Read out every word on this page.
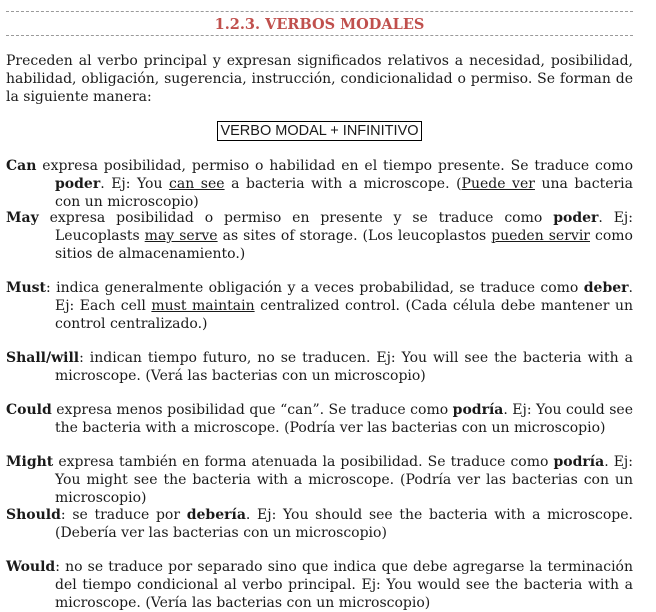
1.2.3. VERBOS MODALES
Preceden al verbo principal y expresan significados relativos a necesidad, posibilidad, habilidad, obligación, sugerencia, instrucción, condicionalidad o permiso. Se forman de la siguiente manera:
VERBO MODAL + INFINITIVO
Can expresa posibilidad, permiso o habilidad en el tiempo presente. Se traduce como poder. Ej: You can see a bacteria with a microscope. (Puede ver una bacteria con un microscopio)
May expresa posibilidad o permiso en presente y se traduce como poder. Ej: Leucoplasts may serve as sites of storage. (Los leucoplastos pueden servir como sitios de almacenamiento.)
Must: indica generalmente obligación y a veces probabilidad, se traduce como deber. Ej: Each cell must maintain centralized control. (Cada célula debe mantener un control centralizado.)
Shall/will: indican tiempo futuro, no se traducen. Ej: You will see the bacteria with a microscope. (Verá las bacterias con un microscopio)
Could expresa menos posibilidad que “can”. Se traduce como podría. Ej: You could see the bacteria with a microscope. (Podría ver las bacterias con un microscopio)
Might expresa también en forma atenuada la posibilidad. Se traduce como podría. Ej: You might see the bacteria with a microscope. (Podría ver las bacterias con un microscopio)
Should: se traduce por debería. Ej: You should see the bacteria with a microscope. (Debería ver las bacterias con un microscopio)
Would: no se traduce por separado sino que indica que debe agregarse la terminación del tiempo condicional al verbo principal. Ej: You would see the bacteria with a microscope. (Vería las bacterias con un microscopio)
